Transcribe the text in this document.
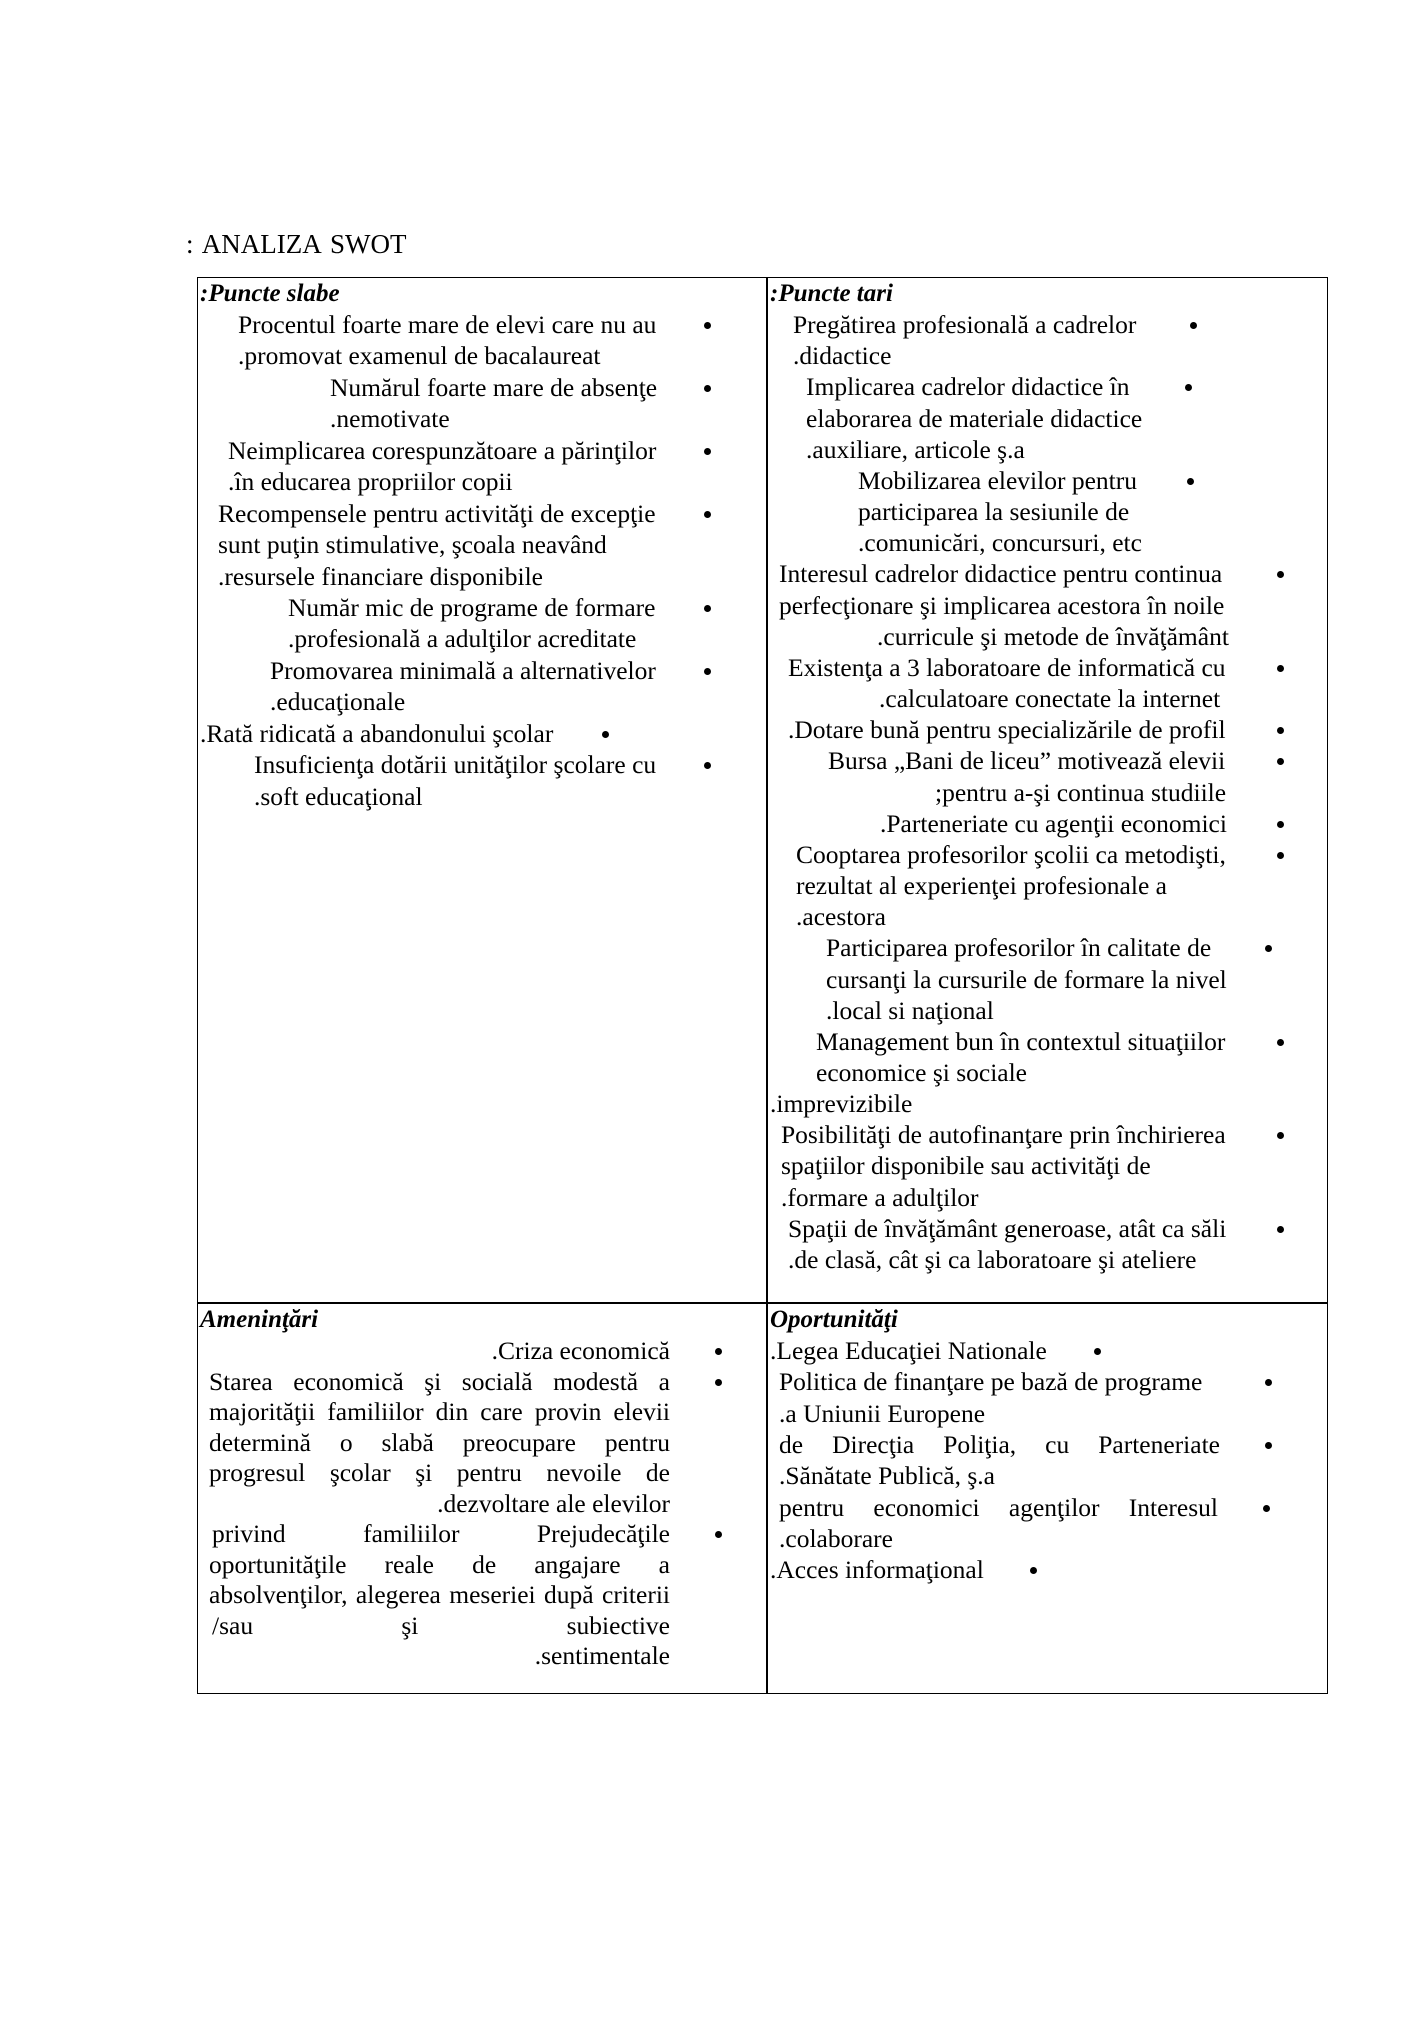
: ANALIZA SWOT
:Puncte slabe
Procentul foarte mare de elevi care nu au
.promovat examenul de bacalaureat
Numărul foarte mare de absenţe
.nemotivate
Neimplicarea corespunzătoare a părinţilor
.în educarea propriilor copii
Recompensele pentru activităţi de excepţie
sunt puţin stimulative, şcoala neavând
.resursele financiare disponibile
Număr mic de programe de formare
.profesională a adulţilor acreditate
Promovarea minimală a alternativelor
.educaţionale
.Rată ridicată a abandonului şcolar
Insuficienţa dotării unităţilor şcolare cu
.soft educaţional
:Puncte tari
Pregătirea profesională a cadrelor
.didactice
Implicarea cadrelor didactice în
elaborarea de materiale didactice
.auxiliare, articole ş.a
Mobilizarea elevilor pentru
participarea la sesiunile de
.comunicări, concursuri, etc
Interesul cadrelor didactice pentru continua
perfecţionare şi implicarea acestora în noile
.curricule şi metode de învăţământ
Existenţa a 3 laboratoare de informatică cu
.calculatoare conectate la internet
.Dotare bună pentru specializările de profil
Bursa „Bani de liceu” motivează elevii
;pentru a-şi continua studiile
.Parteneriate cu agenţii economici
Cooptarea profesorilor şcolii ca metodişti,
rezultat al experienţei profesionale a
.acestora
Participarea profesorilor în calitate de
cursanţi la cursurile de formare la nivel
.local si naţional
Management bun în contextul situaţiilor
economice şi sociale
.imprevizibile
Posibilităţi de autofinanţare prin închirierea
spaţiilor disponibile sau activităţi de
.formare a adulţilor
Spaţii de învăţământ generoase, atât ca săli
.de clasă, cât şi ca laboratoare şi ateliere
Ameninţări
.Criza economică
Starea economică şi socială modestă a
majorităţii familiilor din care provin elevii
determină o slabă preocupare pentru
progresul şcolar şi pentru nevoile de
.dezvoltare ale elevilor
privind familiilor Prejudecăţile
oportunităţile reale de angajare a
absolvenţilor, alegerea meseriei după criterii
/sau şi subiective
.sentimentale
Oportunităţi
.Legea Educaţiei Nationale
Politica de finanţare pe bază de programe
.a Uniunii Europene
de Direcţia Poliţia, cu Parteneriate
.Sănătate Publică, ş.a
pentru economici agenţilor Interesul
.colaborare
.Acces informaţional
